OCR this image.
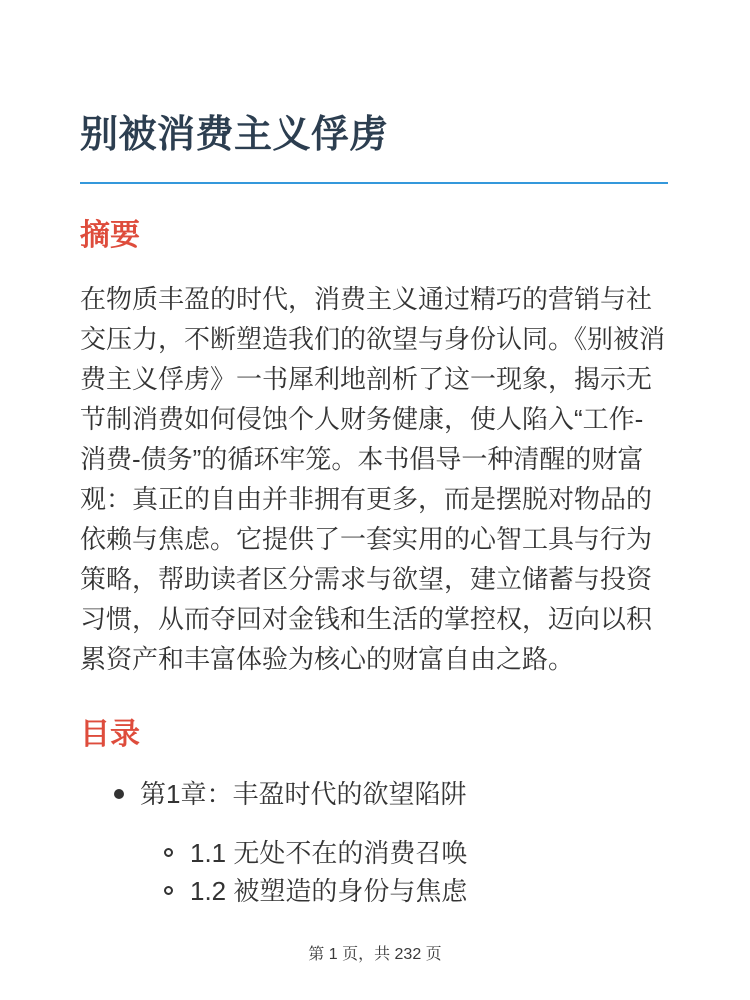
别被消费主义俘虏
摘要

在物质丰盈的时代，消费主义通过精巧的营销与社交压力，不断塑造我们的欲望与身份认同。《别被消费主义俘虏》一书犀利地剖析了这一现象，揭示无节制消费如何侵蚀个人财务健康，使人陷入“工作-消费-债务”的循环牢笼。本书倡导一种清醒的财富观：真正的自由并非拥有更多，而是摆脱对物品的依赖与焦虑。它提供了一套实用的心智工具与行为策略，帮助读者区分需求与欲望，建立储蓄与投资习惯，从而夺回对金钱和生活的掌控权，迈向以积累资产和丰富体验为核心的财富自由之路。

目录
第1章：丰盈时代的欲望陷阱
1.1 无处不在的消费召唤
1.2 被塑造的身份与焦虑
第 1 页，共 232 页
